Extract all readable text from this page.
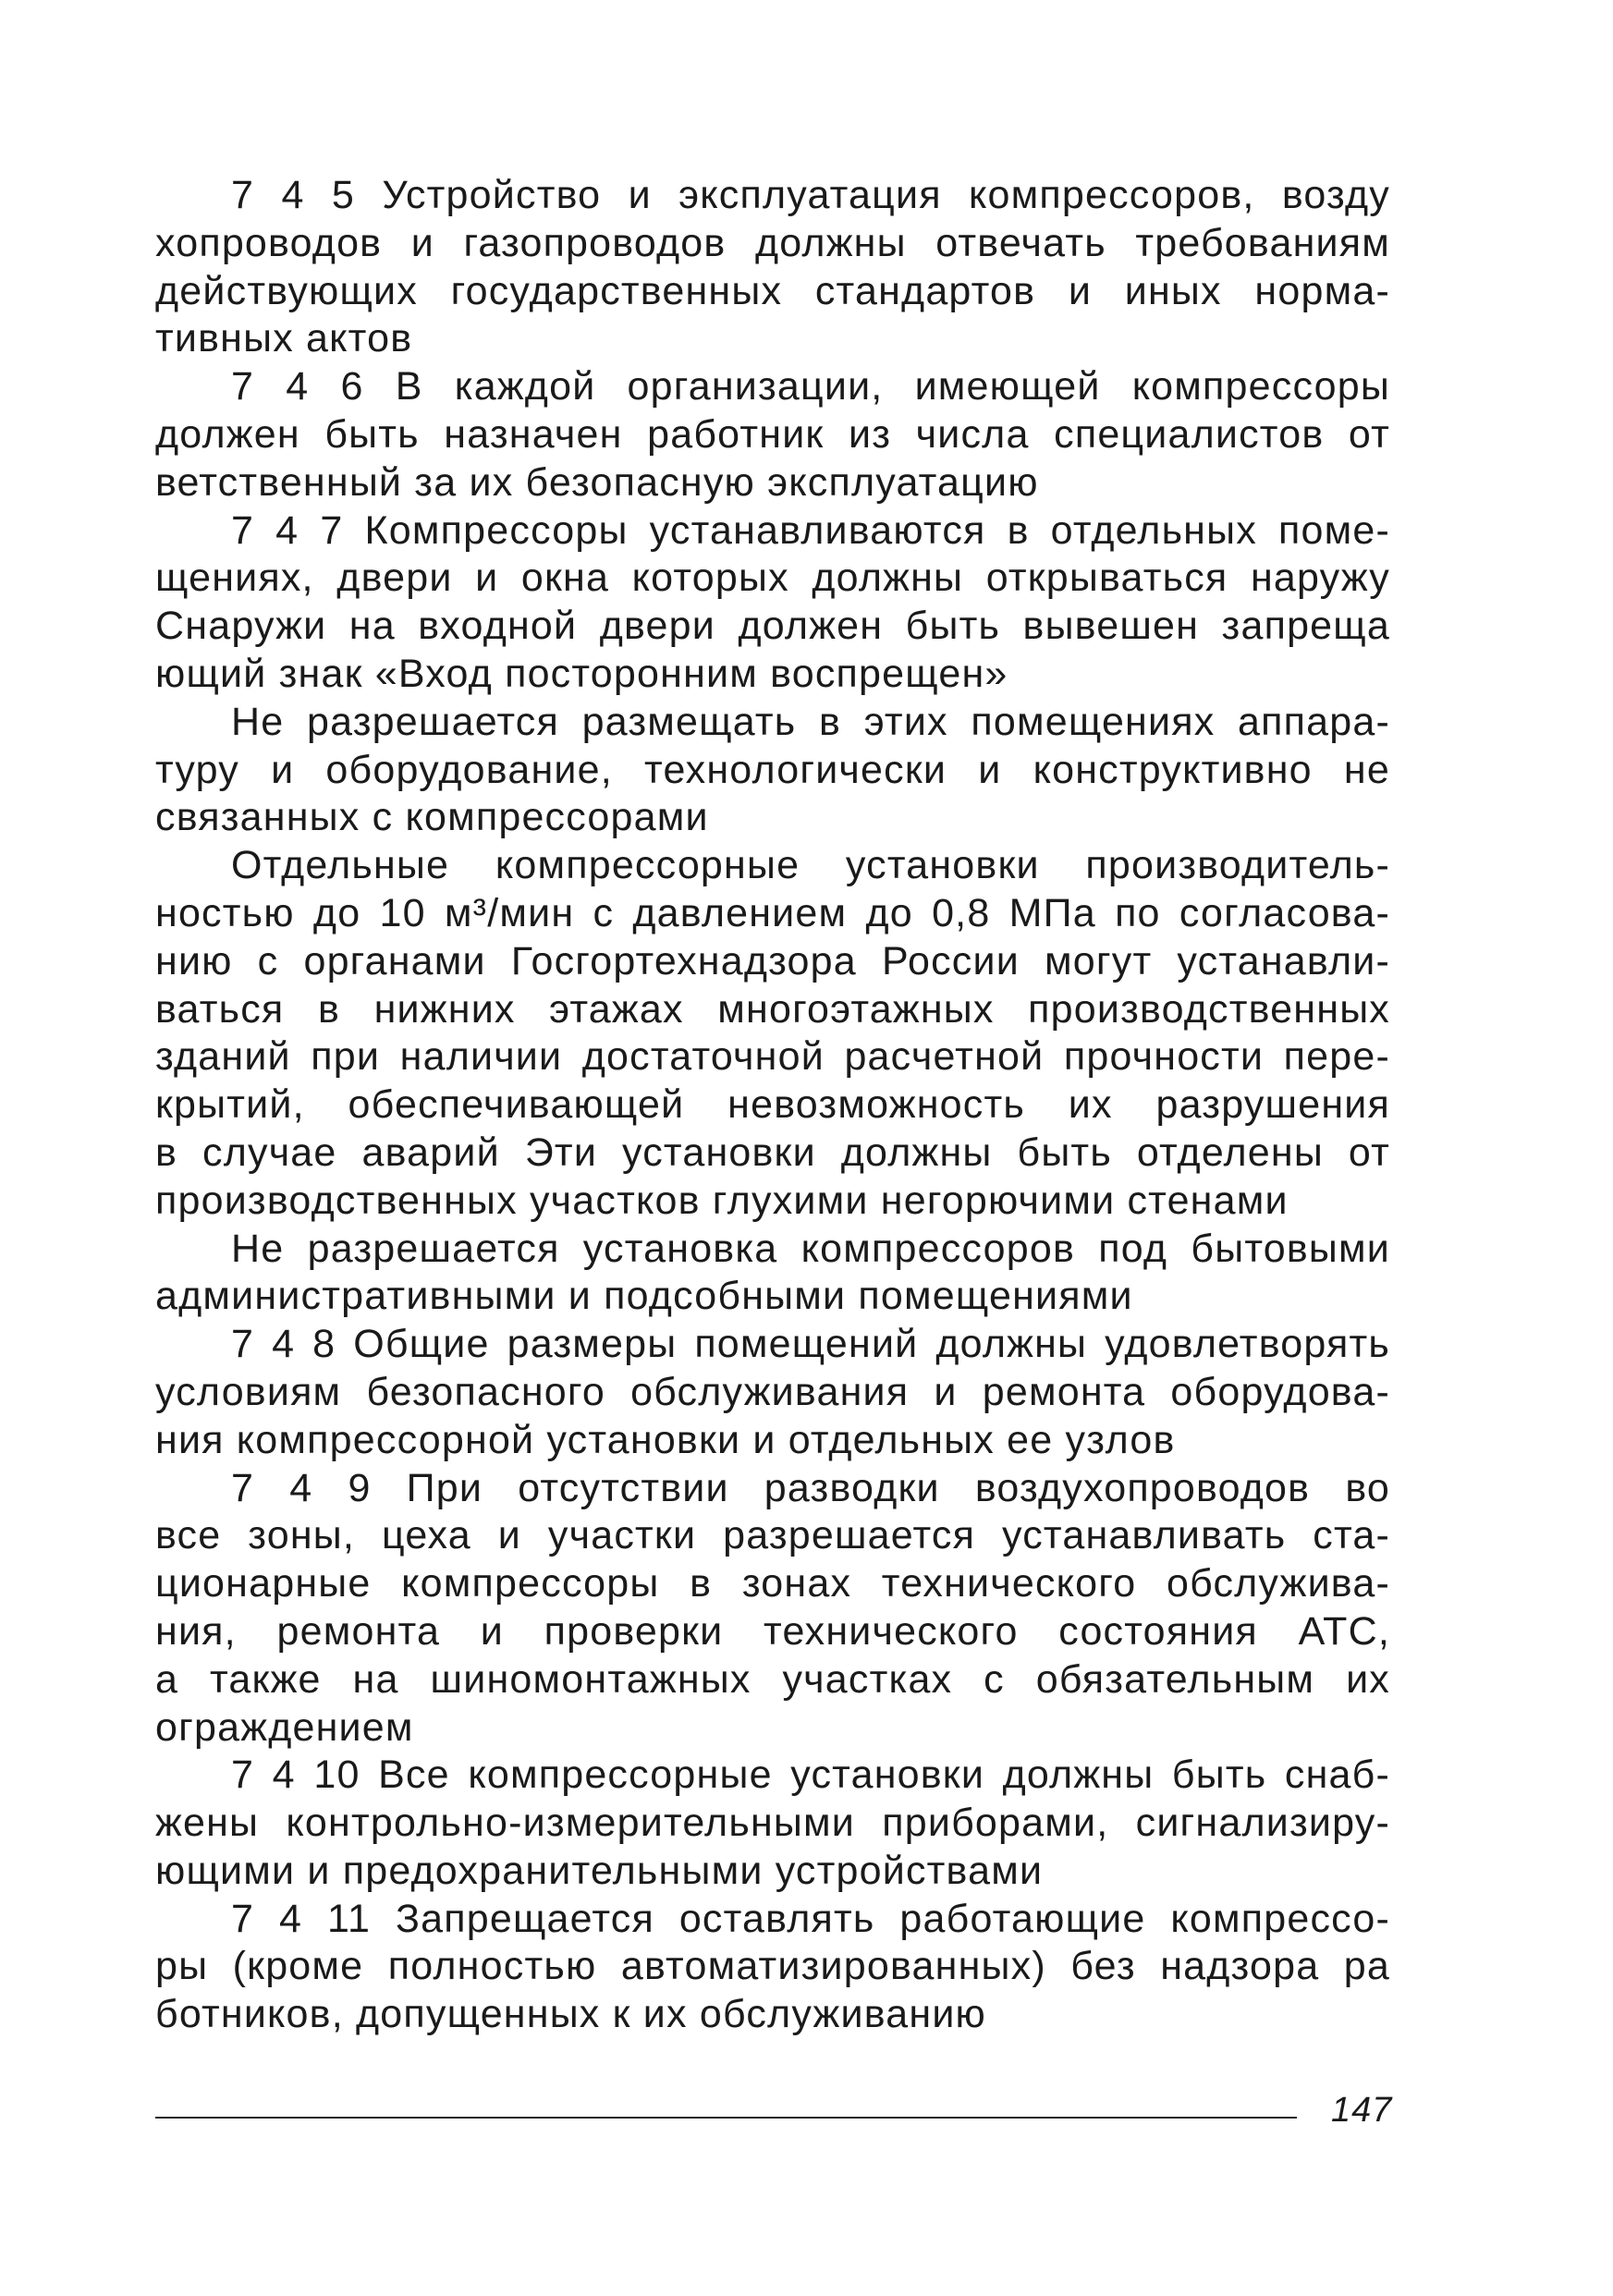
7 4 5 Устройство и эксплуатация компрессоров, возду
хопроводов и газопроводов должны отвечать требованиям
действующих государственных стандартов и иных норма-
тивных актов
7 4 6 В каждой организации, имеющей компрессоры
должен быть назначен работник из числа специалистов от
ветственный за их безопасную эксплуатацию
7 4 7 Компрессоры устанавливаются в отдельных поме-
щениях, двери и окна которых должны открываться наружу
Снаружи на входной двери должен быть вывешен запреща
ющий знак «Вход посторонним воспрещен»
Не разрешается размещать в этих помещениях аппара-
туру и оборудование, технологически и конструктивно не
связанных с компрессорами
Отдельные компрессорные установки производитель-
ностью до 10 м³/мин с давлением до 0,8 МПа по согласова-
нию с органами Госгортехнадзора России могут устанавли-
ваться в нижних этажах многоэтажных производственных
зданий при наличии достаточной расчетной прочности пере-
крытий, обеспечивающей невозможность их разрушения
в случае аварий Эти установки должны быть отделены от
производственных участков глухими негорючими стенами
Не разрешается установка компрессоров под бытовыми
административными и подсобными помещениями
7 4 8 Общие размеры помещений должны удовлетворять
условиям безопасного обслуживания и ремонта оборудова-
ния компрессорной установки и отдельных ее узлов
7 4 9 При отсутствии разводки воздухопроводов во
все зоны, цеха и участки разрешается устанавливать ста-
ционарные компрессоры в зонах технического обслужива-
ния, ремонта и проверки технического состояния АТС,
а также на шиномонтажных участках с обязательным их
ограждением
7 4 10 Все компрессорные установки должны быть снаб-
жены контрольно-измерительными приборами, сигнализиру-
ющими и предохранительными устройствами
7 4 11 Запрещается оставлять работающие компрессо-
ры (кроме полностью автоматизированных) без надзора ра
ботников, допущенных к их обслуживанию
147
